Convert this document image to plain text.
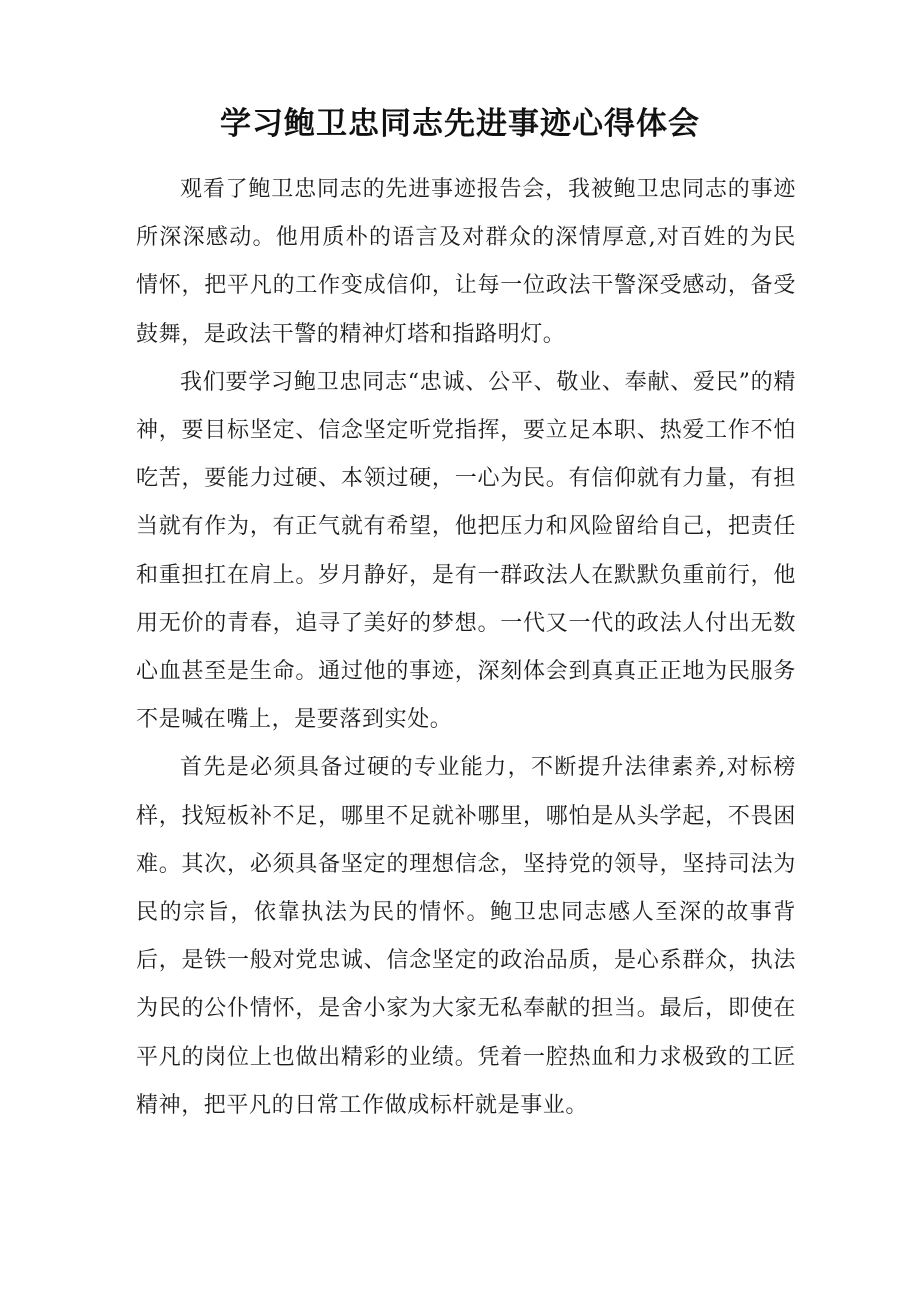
学习鲍卫忠同志先进事迹心得体会

观看了鲍卫忠同志的先进事迹报告会，我被鲍卫忠同志的事迹所深深感动。他用质朴的语言及对群众的深情厚意,对百姓的为民情怀，把平凡的工作变成信仰，让每一位政法干警深受感动，备受鼓舞，是政法干警的精神灯塔和指路明灯。

我们要学习鲍卫忠同志“忠诚、公平、敬业、奉献、爱民”的精神，要目标坚定、信念坚定听党指挥，要立足本职、热爱工作不怕吃苦，要能力过硬、本领过硬，一心为民。有信仰就有力量，有担当就有作为，有正气就有希望，他把压力和风险留给自己，把责任和重担扛在肩上。岁月静好，是有一群政法人在默默负重前行，他用无价的青春，追寻了美好的梦想。一代又一代的政法人付出无数心血甚至是生命。通过他的事迹，深刻体会到真真正正地为民服务不是喊在嘴上，是要落到实处。

首先是必须具备过硬的专业能力，不断提升法律素养,对标榜样，找短板补不足，哪里不足就补哪里，哪怕是从头学起，不畏困难。其次，必须具备坚定的理想信念，坚持党的领导，坚持司法为民的宗旨，依靠执法为民的情怀。鲍卫忠同志感人至深的故事背后，是铁一般对党忠诚、信念坚定的政治品质，是心系群众，执法为民的公仆情怀，是舍小家为大家无私奉献的担当。最后，即使在平凡的岗位上也做出精彩的业绩。凭着一腔热血和力求极致的工匠精神，把平凡的日常工作做成标杆就是事业。
